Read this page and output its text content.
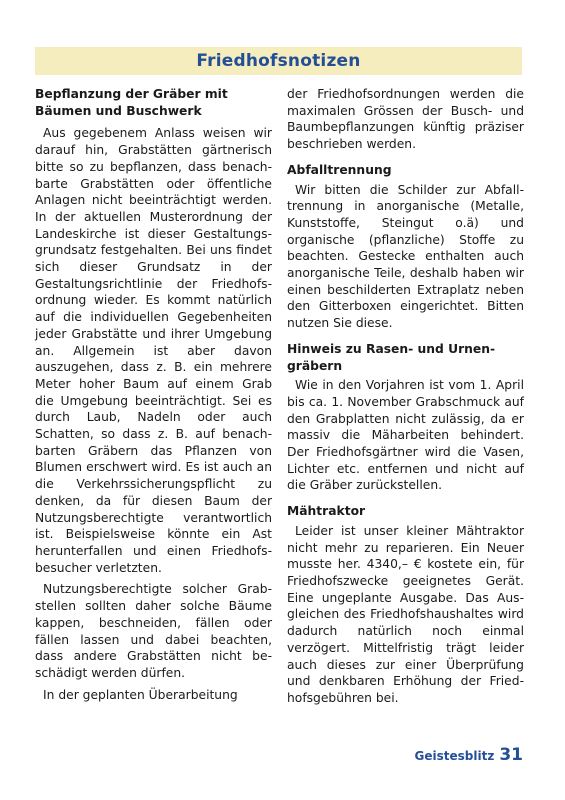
Friedhofsnotizen
Bepflanzung der Gräber mit Bäumen und Buschwerk

Aus gegebenem Anlass weisen wir darauf hin, Grabstätten gärtnerisch bitte so zu bepflanzen, dass benachbarte Grabstätten oder öffentliche Anlagen nicht beeinträchtigt werden. In der aktuellen Musterordnung der Landeskirche ist dieser Gestaltungsgrundsatz festgehalten. Bei uns findet sich dieser Grundsatz in der Gestaltungsrichtlinie der Friedhofsordnung wieder. Es kommt natürlich auf die individuellen Gegebenheiten jeder Grabstätte und ihrer Umgebung an. Allgemein ist aber davon auszugehen, dass z. B. ein mehrere Meter hoher Baum auf einem Grab die Umgebung beeinträchtigt. Sei es durch Laub, Nadeln oder auch Schatten, so dass z. B. auf benachbarten Gräbern das Pflanzen von Blumen erschwert wird. Es ist auch an die Verkehrssicherungspflicht zu denken, da für diesen Baum der Nutzungsberechtigte verantwortlich ist. Beispielsweise könnte ein Ast herunterfallen und einen Friedhofsbesucher verletzten.

Nutzungsberechtigte solcher Grabstellen sollten daher solche Bäume kappen, beschneiden, fällen oder fällen lassen und dabei beachten, dass andere Grabstätten nicht beschädigt werden dürfen.

In der geplanten Überarbeitung

der Friedhofsordnungen werden die maximalen Grössen der Busch- und Baumbepflanzungen künftig präziser beschrieben werden.

Abfalltrennung

Wir bitten die Schilder zur Abfalltrennung in anorganische (Metalle, Kunststoffe, Steingut o.ä) und organische (pflanzliche) Stoffe zu beachten. Gestecke enthalten auch anorganische Teile, deshalb haben wir einen beschilderten Extraplatz neben den Gitterboxen eingerichtet. Bitten nutzen Sie diese.

Hinweis zu Rasen- und Urnengräbern

Wie in den Vorjahren ist vom 1. April bis ca. 1. November Grabschmuck auf den Grabplatten nicht zulässig, da er massiv die Mäharbeiten behindert. Der Friedhofsgärtner wird die Vasen, Lichter etc. entfernen und nicht auf die Gräber zurückstellen.

Mähtraktor

Leider ist unser kleiner Mähtraktor nicht mehr zu reparieren. Ein Neuer musste her. 4340,– € kostete ein, für Friedhofszwecke geeignetes Gerät. Eine ungeplante Ausgabe. Das Ausgleichen des Friedhofshaushaltes wird dadurch natürlich noch einmal verzögert. Mittelfristig trägt leider auch dieses zur einer Überprüfung und denkbaren Erhöhung der Friedhofsgebühren bei.

Geistesblitz 31
